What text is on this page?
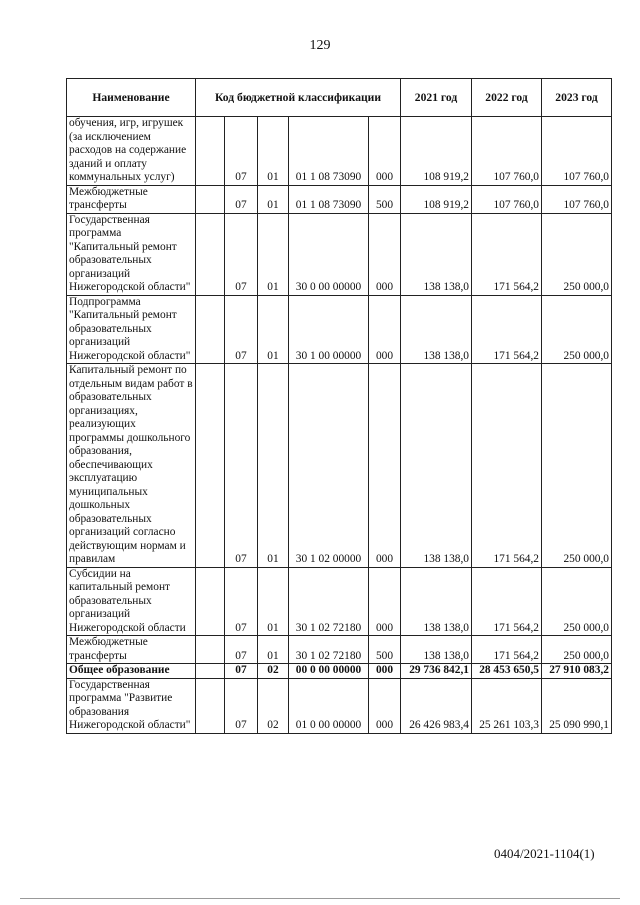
129
Наименование	Код бюджетной классификации					2021 год	2022 год	2023 год
обучения, игр, игрушек (за исключением расходов на содержание зданий и оплату коммунальных услуг)		07	01	01 1 08 73090	000	108 919,2	107 760,0	107 760,0
Межбюджетные трансферты		07	01	01 1 08 73090	500	108 919,2	107 760,0	107 760,0
Государственная программа "Капитальный ремонт образовательных организаций Нижегородской области"		07	01	30 0 00 00000	000	138 138,0	171 564,2	250 000,0
Подпрограмма "Капитальный ремонт образовательных организаций Нижегородской области"		07	01	30 1 00 00000	000	138 138,0	171 564,2	250 000,0
Капитальный ремонт по отдельным видам работ в образовательных организациях, реализующих программы дошкольного образования, обеспечивающих эксплуатацию муниципальных дошкольных образовательных организаций согласно действующим нормам и правилам		07	01	30 1 02 00000	000	138 138,0	171 564,2	250 000,0
Субсидии на капитальный ремонт образовательных организаций Нижегородской области		07	01	30 1 02 72180	000	138 138,0	171 564,2	250 000,0
Межбюджетные трансферты		07	01	30 1 02 72180	500	138 138,0	171 564,2	250 000,0
Общее образование		07	02	00 0 00 00000	000	29 736 842,1	28 453 650,5	27 910 083,2
Государственная программа "Развитие образования Нижегородской области"		07	02	01 0 00 00000	000	26 426 983,4	25 261 103,3	25 090 990,1
0404/2021-1104(1)
